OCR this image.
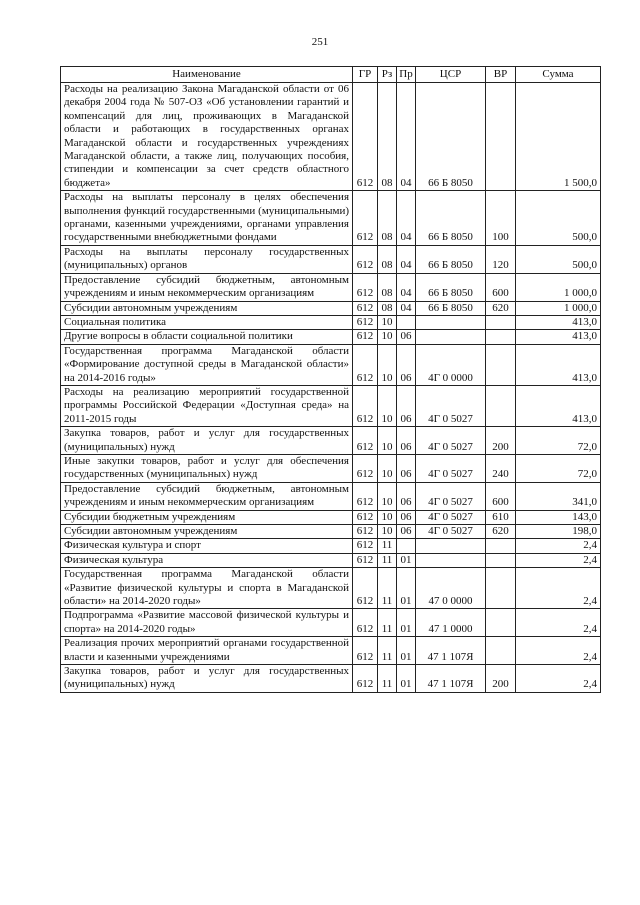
251
Наименование	ГР	Рз	Пр	ЦСР	ВР	Сумма
Расходы на реализацию Закона Магаданской области от 06 декабря 2004 года № 507-ОЗ «Об установлении гарантий и компенсаций для лиц, проживающих в Магаданской области и работающих в государственных органах Магаданской области и государственных учреждениях Магаданской области, а также лиц, получающих пособия, стипендии и компенсации за счет средств областного бюджета»	612	08	04	66 Б 8050		1 500,0
Расходы на выплаты персоналу в целях обеспечения выполнения функций государственными (муниципальными) органами, казенными учреждениями, органами управления государственными внебюджетными фондами	612	08	04	66 Б 8050	100	500,0
Расходы на выплаты персоналу государственных (муниципальных) органов	612	08	04	66 Б 8050	120	500,0
Предоставление субсидий бюджетным, автономным учреждениям и иным некоммерческим организациям	612	08	04	66 Б 8050	600	1 000,0
Субсидии автономным учреждениям	612	08	04	66 Б 8050	620	1 000,0
Социальная политика	612	10				413,0
Другие вопросы в области социальной политики	612	10	06			413,0
Государственная программа Магаданской области «Формирование доступной среды в Магаданской области» на 2014-2016 годы»	612	10	06	4Г 0 0000		413,0
Расходы на реализацию мероприятий государственной программы Российской Федерации «Доступная среда» на 2011-2015 годы	612	10	06	4Г 0 5027		413,0
Закупка товаров, работ и услуг для государственных (муниципальных) нужд	612	10	06	4Г 0 5027	200	72,0
Иные закупки товаров, работ и услуг для обеспечения государственных (муниципальных) нужд	612	10	06	4Г 0 5027	240	72,0
Предоставление субсидий бюджетным, автономным учреждениям и иным некоммерческим организациям	612	10	06	4Г 0 5027	600	341,0
Субсидии бюджетным учреждениям	612	10	06	4Г 0 5027	610	143,0
Субсидии автономным учреждениям	612	10	06	4Г 0 5027	620	198,0
Физическая культура и спорт	612	11				2,4
Физическая культура	612	11	01			2,4
Государственная программа Магаданской области «Развитие физической культуры и спорта в Магаданской области» на 2014-2020 годы»	612	11	01	47 0 0000		2,4
Подпрограмма «Развитие массовой физической культуры и спорта» на 2014-2020 годы»	612	11	01	47 1 0000		2,4
Реализация прочих мероприятий органами государственной власти и казенными учреждениями	612	11	01	47 1 107Я		2,4
Закупка товаров, работ и услуг для государственных (муниципальных) нужд	612	11	01	47 1 107Я	200	2,4
